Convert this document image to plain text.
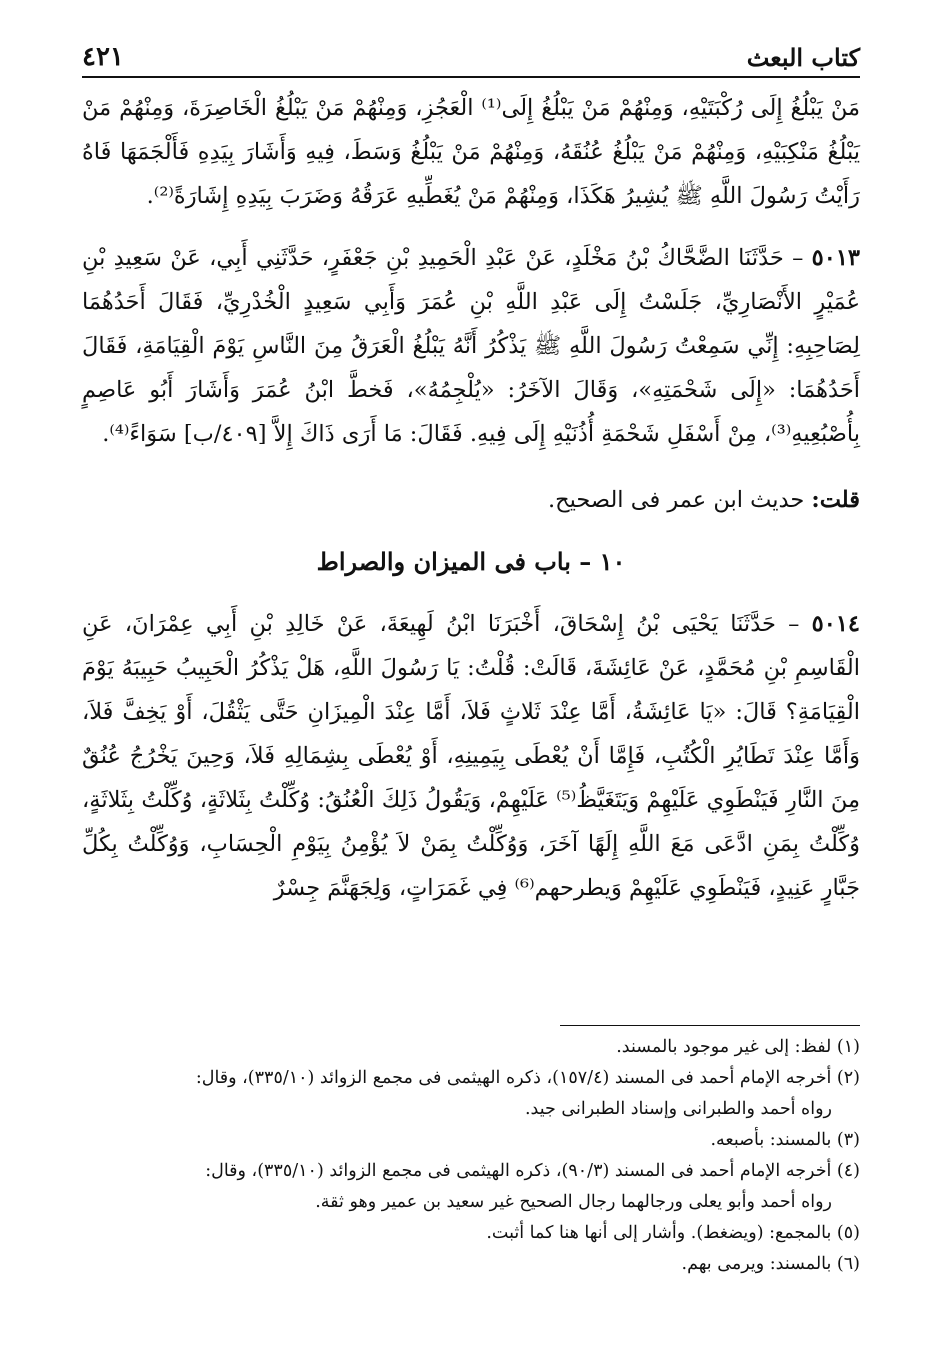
كتاب البعث
٤٢١

مَنْ يَبْلُغُ إِلَى رُكْبَتَيْهِ، وَمِنْهُمْ مَنْ يَبْلُغُ إِلَى⁽¹⁾ الْعَجُزِ، وَمِنْهُمْ مَنْ يَبْلُغُ الْخَاصِرَةَ، وَمِنْهُمْ مَنْ يَبْلُغُ مَنْكِبَيْهِ، وَمِنْهُمْ مَنْ يَبْلُغُ عُنُقَهُ، وَمِنْهُمْ مَنْ يَبْلُغُ وَسَطَ، فِيهِ وَأَشَارَ بِيَدِهِ فَأَلْجَمَهَا فَاهُ رَأَيْتُ رَسُولَ اللَّهِ ﷺ يُشِيرُ هَكَذَا، وَمِنْهُمْ مَنْ يُغَطِّيهِ عَرَقُهُ وَضَرَبَ بِيَدِهِ إِشَارَةً⁽²⁾.

٥٠١٣ – حَدَّثَنَا الضَّحَّاكُ بْنُ مَخْلَدٍ، عَنْ عَبْدِ الْحَمِيدِ بْنِ جَعْفَرٍ، حَدَّثَنِي أَبِي، عَنْ سَعِيدِ بْنِ عُمَيْرٍ الأَنْصَارِيِّ، جَلَسْتُ إِلَى عَبْدِ اللَّهِ بْنِ عُمَرَ وَأَبِي سَعِيدٍ الْخُدْرِيِّ، فَقَالَ أَحَدُهُمَا لِصَاحِبِهِ: إِنِّي سَمِعْتُ رَسُولَ اللَّهِ ﷺ يَذْكُرُ أَنَّهُ يَبْلُغُ الْعَرَقُ مِنَ النَّاسِ يَوْمَ الْقِيَامَةِ، فَقَالَ أَحَدُهُمَا: «إِلَى شَحْمَتِهِ»، وَقَالَ الآخَرُ: «يُلْجِمُهُ»، فَخطَّ ابْنُ عُمَرَ وَأَشَارَ أَبُو عَاصِمٍ بِأُصْبُعِيهِ⁽³⁾، مِنْ أَسْفَلِ شَحْمَةِ أُذُنَيْهِ إِلَى فِيهِ. فَقَالَ: مَا أَرَى ذَاكَ إِلاَّ [٤٠٩/ب] سَوَاءً⁽⁴⁾.

قلت: حديث ابن عمر فى الصحيح.

١٠ – باب فى الميزان والصراط

٥٠١٤ – حَدَّثَنَا يَحْيَى بْنُ إِسْحَاقَ، أَخْبَرَنَا ابْنُ لَهِيعَةَ، عَنْ خَالِدِ بْنِ أَبِي عِمْرَانَ، عَنِ الْقَاسِمِ بْنِ مُحَمَّدٍ، عَنْ عَائِشَةَ، قَالَتْ: قُلْتُ: يَا رَسُولَ اللَّهِ، هَلْ يَذْكُرُ الْحَبِيبُ حَبِيبَهُ يَوْمَ الْقِيَامَةِ؟ قَالَ: «يَا عَائِشَةُ، أَمَّا عِنْدَ ثَلاثٍ فَلاَ، أَمَّا عِنْدَ الْمِيزَانِ حَتَّى يَثْقُلَ، أَوْ يَخِفَّ فَلاَ، وَأَمَّا عِنْدَ تَطَايُرِ الْكُتُبِ، فَإِمَّا أَنْ يُعْطَى بِيَمِينِهِ، أَوْ يُعْطَى بِشِمَالِهِ فَلاَ، وَحِينَ يَخْرُجُ عُنُقٌ مِنَ النَّارِ فَيَنْطَوِي عَلَيْهِمْ وَيَتَغَيَّظُ⁽⁵⁾ عَلَيْهِمْ، وَيَقُولُ ذَلِكَ الْعُنُقُ: وُكِّلْتُ بِثَلاثَةٍ، وُكِّلْتُ بِثَلاثَةٍ، وُكِّلْتُ بِمَنِ ادَّعَى مَعَ اللَّهِ إِلَهًا آخَرَ، وَوُكِّلْتُ بِمَنْ لاَ يُؤْمِنُ بِيَوْمِ الْحِسَابِ، وَوُكِّلْتُ بِكُلِّ جَبَّارٍ عَنِيدٍ، فَيَنْطَوِي عَلَيْهِمْ وَيطرحهم⁽⁶⁾ فِي غَمَرَاتٍ، وَلِجَهَنَّمَ جِسْرٌ

(١) لفظ: إلى غير موجود بالمسند.

(٢) أخرجه الإمام أحمد فى المسند (١٥٧/٤)، ذكره الهيثمى فى مجمع الزوائد (٣٣٥/١٠)، وقال:

رواه أحمد والطبرانى وإسناد الطبرانى جيد.

(٣) بالمسند: بأصبعه.

(٤) أخرجه الإمام أحمد فى المسند (٩٠/٣)، ذكره الهيثمى فى مجمع الزوائد (٣٣٥/١٠)، وقال:

رواه أحمد وأبو يعلى ورجالهما رجال الصحيح غير سعيد بن عمير وهو ثقة.

(٥) بالمجمع: (ويضغط). وأشار إلى أنها هنا كما أثبت.

(٦) بالمسند: ويرمى بهم.
